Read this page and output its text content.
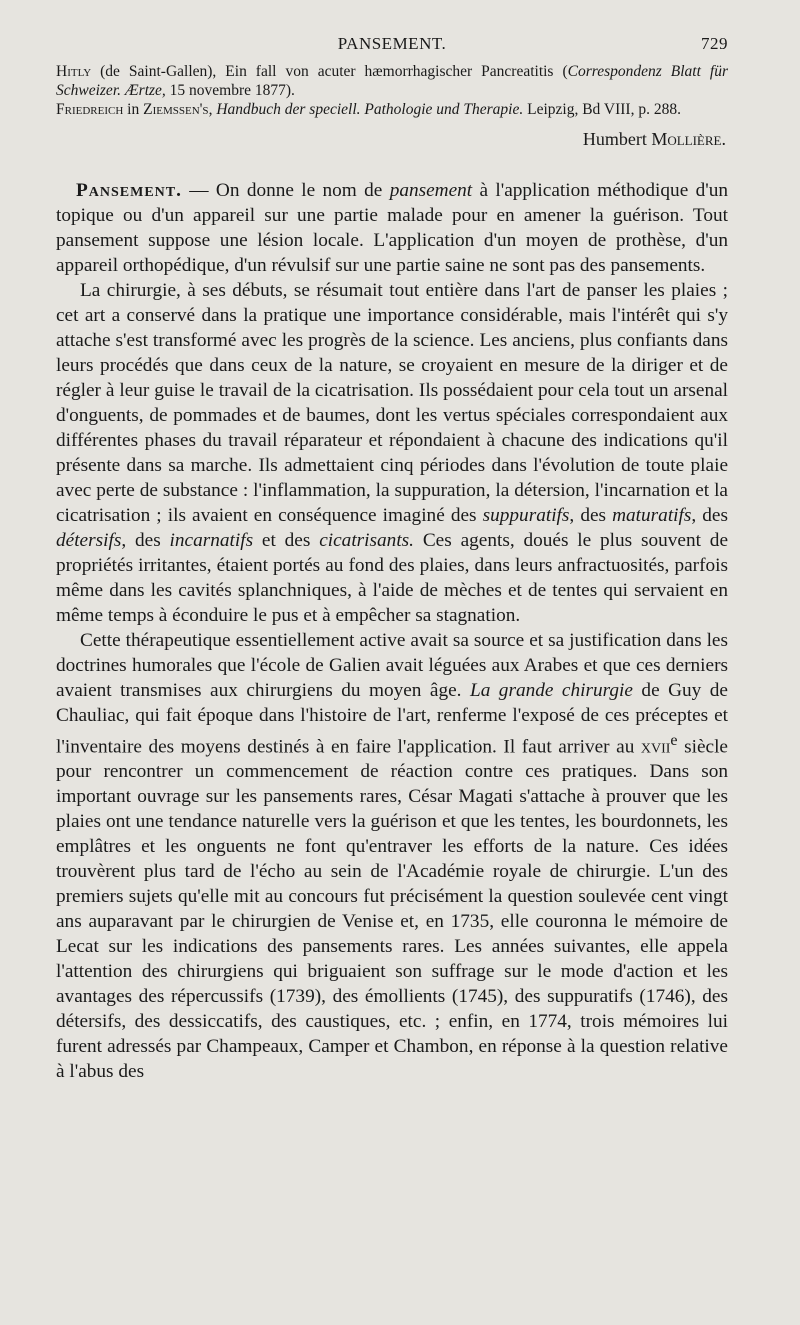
PANSEMENT.	729

Hitly (de Saint-Gallen), Ein fall von acuter hæmorrhagischer Pancreatitis (Correspondenz Blatt für Schweizer. Ærtze, 15 novembre 1877).

Friedreich in Ziemssen's, Handbuch der speciell. Pathologie und Therapie. Leipzig, Bd VIII, p. 288.

Humbert Mollière.

Pansement. — On donne le nom de pansement à l'application méthodique d'un topique ou d'un appareil sur une partie malade pour en amener la guérison. Tout pansement suppose une lésion locale. L'application d'un moyen de prothèse, d'un appareil orthopédique, d'un révulsif sur une partie saine ne sont pas des pansements.

La chirurgie, à ses débuts, se résumait tout entière dans l'art de panser les plaies ; cet art a conservé dans la pratique une importance considérable, mais l'intérêt qui s'y attache s'est transformé avec les progrès de la science. Les anciens, plus confiants dans leurs procédés que dans ceux de la nature, se croyaient en mesure de la diriger et de régler à leur guise le travail de la cicatrisation. Ils possédaient pour cela tout un arsenal d'onguents, de pommades et de baumes, dont les vertus spéciales correspondaient aux différentes phases du travail réparateur et répondaient à chacune des indications qu'il présente dans sa marche. Ils admettaient cinq périodes dans l'évolution de toute plaie avec perte de substance : l'inflammation, la suppuration, la détersion, l'incarnation et la cicatrisation ; ils avaient en conséquence imaginé des suppuratifs, des maturatifs, des détersifs, des incarnatifs et des cicatrisants. Ces agents, doués le plus souvent de propriétés irritantes, étaient portés au fond des plaies, dans leurs anfractuosités, parfois même dans les cavités splanchniques, à l'aide de mèches et de tentes qui servaient en même temps à éconduire le pus et à empêcher sa stagnation.

Cette thérapeutique essentiellement active avait sa source et sa justification dans les doctrines humorales que l'école de Galien avait léguées aux Arabes et que ces derniers avaient transmises aux chirurgiens du moyen âge. La grande chirurgie de Guy de Chauliac, qui fait époque dans l'histoire de l'art, renferme l'exposé de ces préceptes et l'inventaire des moyens destinés à en faire l'application. Il faut arriver au xvii$^e$ siècle pour rencontrer un commencement de réaction contre ces pratiques. Dans son important ouvrage sur les pansements rares, César Magati s'attache à prouver que les plaies ont une tendance naturelle vers la guérison et que les tentes, les bourdonnets, les emplâtres et les onguents ne font qu'entraver les efforts de la nature. Ces idées trouvèrent plus tard de l'écho au sein de l'Académie royale de chirurgie. L'un des premiers sujets qu'elle mit au concours fut précisément la question soulevée cent vingt ans auparavant par le chirurgien de Venise et, en 1735, elle couronna le mémoire de Lecat sur les indications des pansements rares. Les années suivantes, elle appela l'attention des chirurgiens qui briguaient son suffrage sur le mode d'action et les avantages des répercussifs (1739), des émollients (1745), des suppuratifs (1746), des détersifs, des dessiccatifs, des caustiques, etc. ; enfin, en 1774, trois mémoires lui furent adressés par Champeaux, Camper et Chambon, en réponse à la question relative à l'abus des
